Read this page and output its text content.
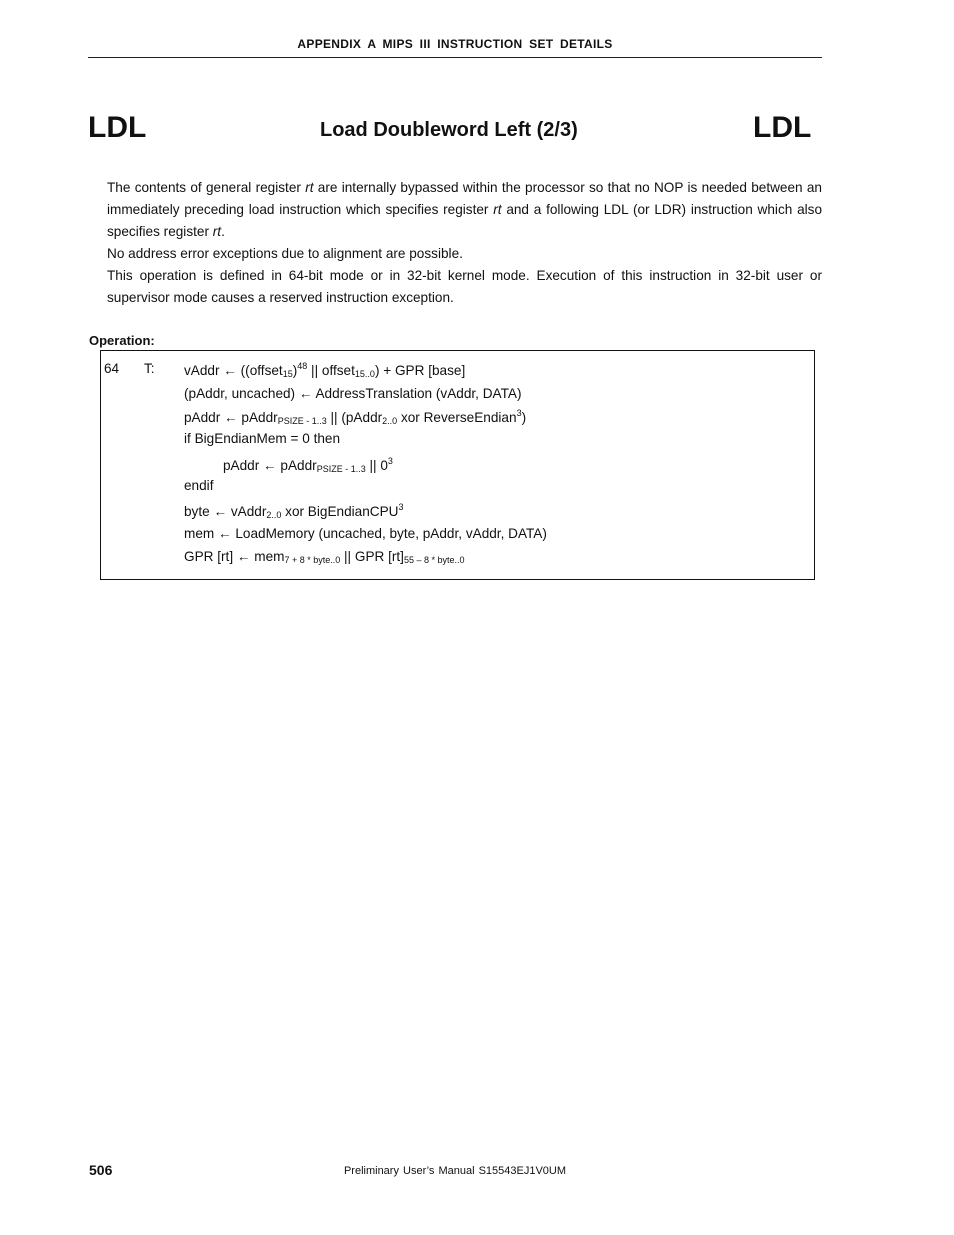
APPENDIX A MIPS III INSTRUCTION SET DETAILS
LDL	Load Doubleword Left (2/3)	LDL

The contents of general register rt are internally bypassed within the processor so that no NOP is needed between an immediately preceding load instruction which specifies register rt and a following LDL (or LDR) instruction which also specifies register rt.

No address error exceptions due to alignment are possible.

This operation is defined in 64-bit mode or in 32-bit kernel mode. Execution of this instruction in 32-bit user or supervisor mode causes a reserved instruction exception.

Operation:
64 T: vAddr ← ((offset$_{15}$)$^{48}$ || offset$_{15..0}$) + GPR [base]
(pAddr, uncached) ← AddressTranslation (vAddr, DATA)
pAddr ← pAddr$_{PSIZE - 1..3}$ || (pAddr$_{2..0}$ xor ReverseEndian$^3$)
if BigEndianMem = 0 then
pAddr ← pAddr$_{PSIZE - 1..3}$ || $0^3$
endif
byte ← vAddr$_{2..0}$ xor BigEndianCPU$^3$
mem ← LoadMemory (uncached, byte, pAddr, vAddr, DATA)
GPR [rt] ← mem$_{7 + 8 * byte..0}$ || GPR $[rt]_{55 - 8 * byte..0}$
506	Preliminary User’s Manual S15543EJ1V0UM
